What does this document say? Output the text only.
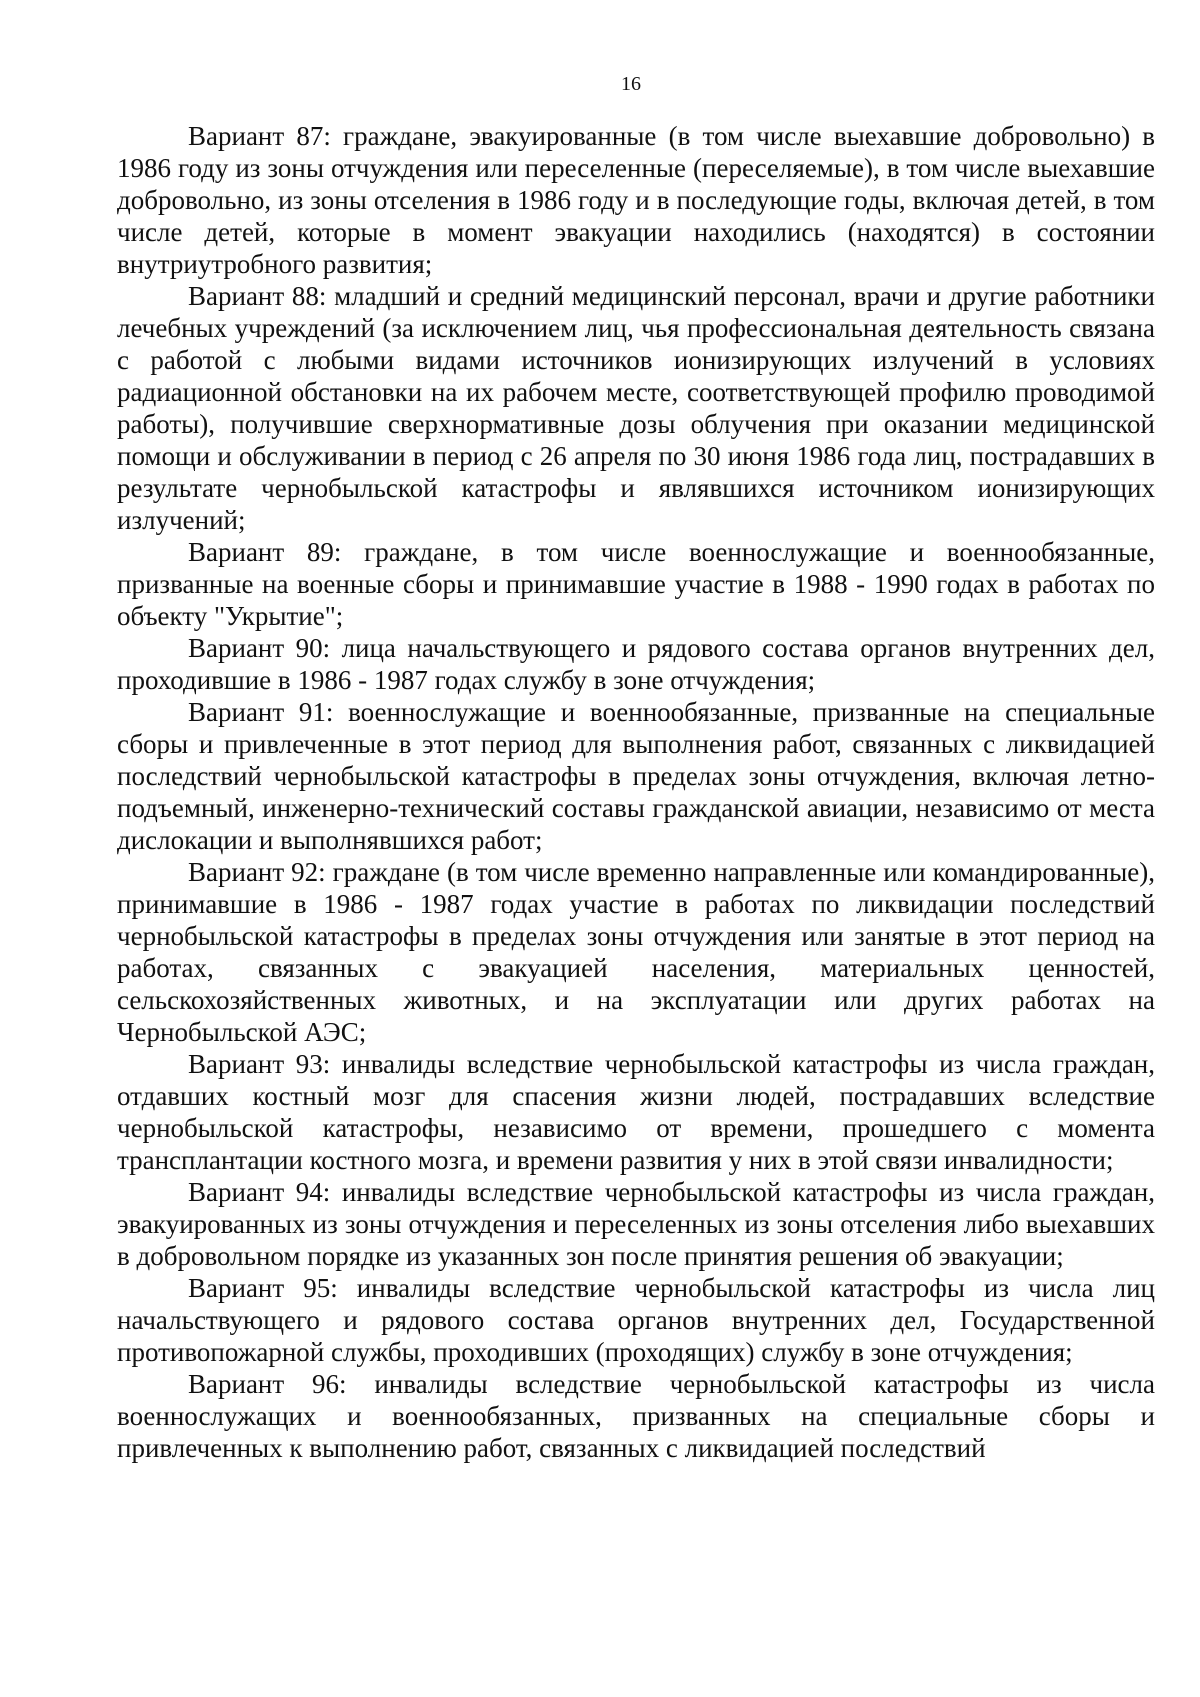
16

Вариант 87: граждане, эвакуированные (в том числе выехавшие добровольно) в 1986 году из зоны отчуждения или переселенные (переселяемые), в том числе выехавшие добровольно, из зоны отселения в 1986 году и в последующие годы, включая детей, в том числе детей, которые в момент эвакуации находились (находятся) в состоянии внутриутробного развития;

Вариант 88: младший и средний медицинский персонал, врачи и другие работники лечебных учреждений (за исключением лиц, чья профессиональная деятельность связана с работой с любыми видами источников ионизирующих излучений в условиях радиационной обстановки на их рабочем месте, соответствующей профилю проводимой работы), получившие сверхнормативные дозы облучения при оказании медицинской помощи и обслуживании в период с 26 апреля по 30 июня 1986 года лиц, пострадавших в результате чернобыльской катастрофы и являвшихся источником ионизирующих излучений;

Вариант 89: граждане, в том числе военнослужащие и военнообязанные, призванные на военные сборы и принимавшие участие в 1988 - 1990 годах в работах по объекту "Укрытие";

Вариант 90: лица начальствующего и рядового состава органов внутренних дел, проходившие в 1986 - 1987 годах службу в зоне отчуждения;

Вариант 91: военнослужащие и военнообязанные, призванные на специальные сборы и привлеченные в этот период для выполнения работ, связанных с ликвидацией последствий чернобыльской катастрофы в пределах зоны отчуждения, включая летно-подъемный, инженерно-технический составы гражданской авиации, независимо от места дислокации и выполнявшихся работ;

Вариант 92: граждане (в том числе временно направленные или командированные), принимавшие в 1986 - 1987 годах участие в работах по ликвидации последствий чернобыльской катастрофы в пределах зоны отчуждения или занятые в этот период на работах, связанных с эвакуацией населения, материальных ценностей, сельскохозяйственных животных, и на эксплуатации или других работах на Чернобыльской АЭС;

Вариант 93: инвалиды вследствие чернобыльской катастрофы из числа граждан, отдавших костный мозг для спасения жизни людей, пострадавших вследствие чернобыльской катастрофы, независимо от времени, прошедшего с момента трансплантации костного мозга, и времени развития у них в этой связи инвалидности;

Вариант 94: инвалиды вследствие чернобыльской катастрофы из числа граждан, эвакуированных из зоны отчуждения и переселенных из зоны отселения либо выехавших в добровольном порядке из указанных зон после принятия решения об эвакуации;

Вариант 95: инвалиды вследствие чернобыльской катастрофы из числа лиц начальствующего и рядового состава органов внутренних дел, Государственной противопожарной службы, проходивших (проходящих) службу в зоне отчуждения;

Вариант 96: инвалиды вследствие чернобыльской катастрофы из числа военнослужащих и военнообязанных, призванных на специальные сборы и привлеченных к выполнению работ, связанных с ликвидацией последствий
